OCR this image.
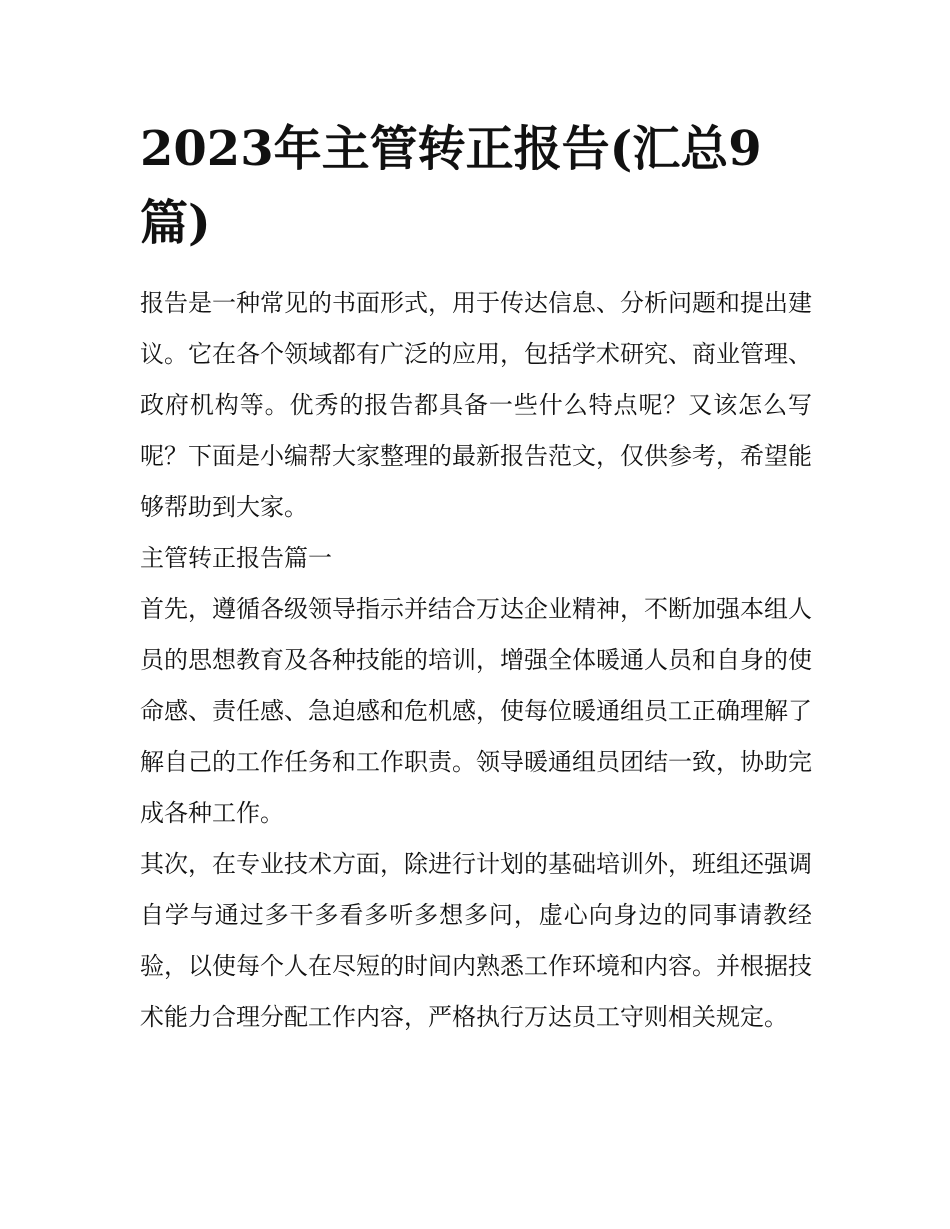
2023年主管转正报告(汇总9篇)

报告是一种常见的书面形式，用于传达信息、分析问题和提出建议。它在各个领域都有广泛的应用，包括学术研究、商业管理、政府机构等。优秀的报告都具备一些什么特点呢？又该怎么写呢？下面是小编帮大家整理的最新报告范文，仅供参考，希望能够帮助到大家。

主管转正报告篇一

首先，遵循各级领导指示并结合万达企业精神，不断加强本组人员的思想教育及各种技能的培训，增强全体暖通人员和自身的使命感、责任感、急迫感和危机感，使每位暖通组员工正确理解了解自己的工作任务和工作职责。领导暖通组员团结一致，协助完成各种工作。

其次，在专业技术方面，除进行计划的基础培训外，班组还强调自学与通过多干多看多听多想多问，虚心向身边的同事请教经验，以使每个人在尽短的时间内熟悉工作环境和内容。并根据技术能力合理分配工作内容，严格执行万达员工守则相关规定。
